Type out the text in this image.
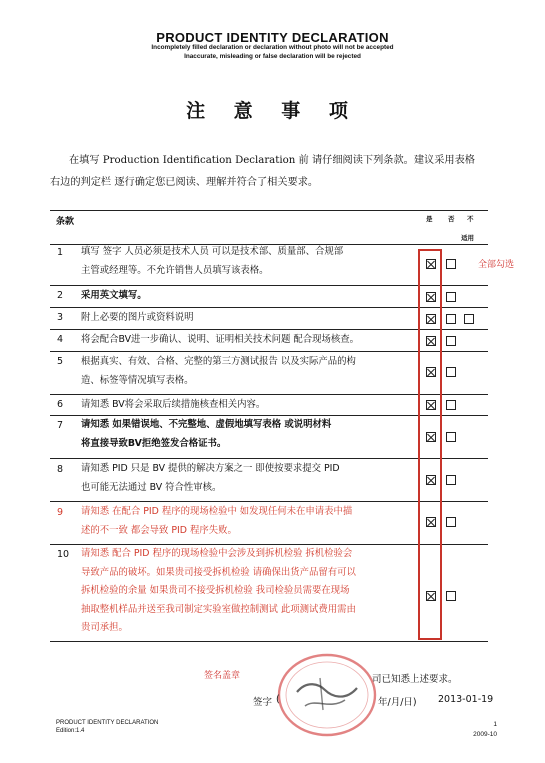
PRODUCT IDENTITY DECLARATION
Incompletely filled declaration or declaration without photo will not be accepted
Inaccurate, misleading or false declaration will be rejected
注 意 事 项
在填写 Production Identification Declaration 前 请仔细阅读下列条款。建议采用表格
右边的判定栏 逐行确定您已阅读、理解并符合了相关要求。
条款	是 否 不
适用
1 填写 签字 人员必须是技术人员 可以是技术部、质量部、合规部
主管或经理等。不允许销售人员填写该表格。
2 采用英文填写。
3 附上必要的图片或资料说明
4 将会配合BV进一步确认、说明、证明相关技术问题 配合现场核查。
5 根据真实、有效、合格、完整的第三方测试报告 以及实际产品的构
造、标签等情况填写表格。
6 请知悉 BV将会采取后续措施核查相关内容。
7 请知悉 如果错误地、不完整地、虚假地填写表格 或说明材料
将直接导致BV拒绝签发合格证书。
8 请知悉 PID 只是 BV 提供的解决方案之一 即使按要求提交 PID
也可能无法通过 BV 符合性审核。
9 请知悉 在配合 PID 程序的现场检验中 如发现任何未在申请表中描
述的不一致 都会导致 PID 程序失败。
10 请知悉 配合 PID 程序的现场检验中会涉及到拆机检验 拆机检验会
导致产品的破坏。如果贵司接受拆机检验 请确保出货产品留有可以
拆机检验的余量 如果贵司不接受拆机检验 我司检验员需要在现场
抽取整机样品并送至我司制定实验室做控制测试 此项测试费用需由
贵司承担。
全部勾选
签名盖章	司已知悉上述要求。
签字 (	年/月/日) 2013-01-19
PRODUCT IDENTITY DECLARATION
Edition:1.4
1
2009-10
